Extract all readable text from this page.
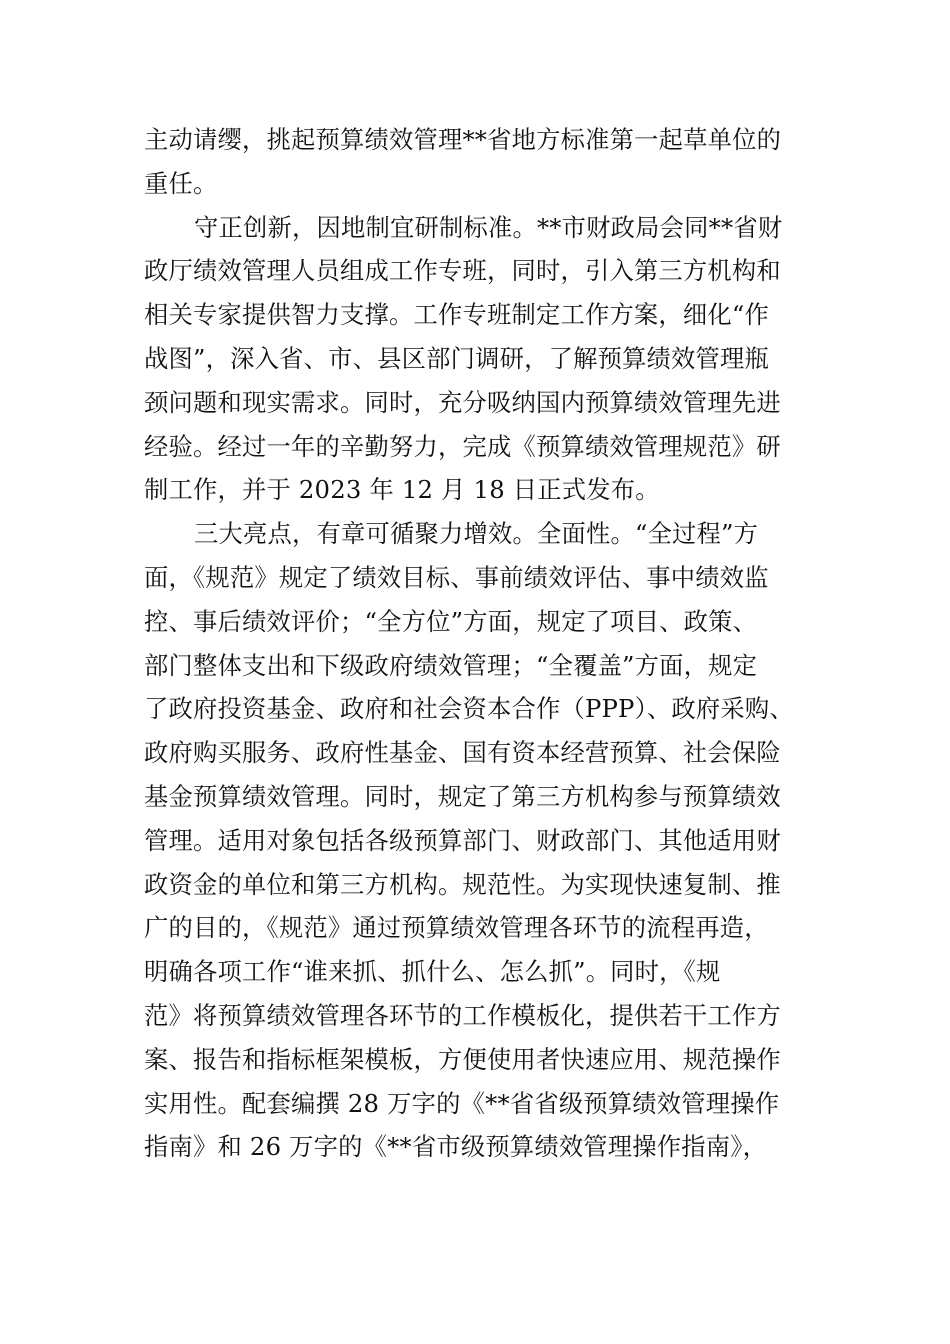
主动请缨，挑起预算绩效管理**省地方标准第一起草单位的
重任。
守正创新，因地制宜研制标准。**市财政局会同**省财
政厅绩效管理人员组成工作专班，同时，引入第三方机构和
相关专家提供智力支撑。工作专班制定工作方案，细化“作
战图”，深入省、市、县区部门调研，了解预算绩效管理瓶
颈问题和现实需求。同时，充分吸纳国内预算绩效管理先进
经验。经过一年的辛勤努力，完成《预算绩效管理规范》研
制工作，并于 2023 年 12 月 18 日正式发布。
三大亮点，有章可循聚力增效。全面性。“全过程”方
面，《规范》规定了绩效目标、事前绩效评估、事中绩效监
控、事后绩效评价；“全方位”方面，规定了项目、政策、
部门整体支出和下级政府绩效管理；“全覆盖”方面，规定
了政府投资基金、政府和社会资本合作（PPP）、政府采购、
政府购买服务、政府性基金、国有资本经营预算、社会保险
基金预算绩效管理。同时，规定了第三方机构参与预算绩效
管理。适用对象包括各级预算部门、财政部门、其他适用财
政资金的单位和第三方机构。规范性。为实现快速复制、推
广的目的，《规范》通过预算绩效管理各环节的流程再造，
明确各项工作“谁来抓、抓什么、怎么抓”。同时，《规
范》将预算绩效管理各环节的工作模板化，提供若干工作方
案、报告和指标框架模板，方便使用者快速应用、规范操作
实用性。配套编撰 28 万字的《**省省级预算绩效管理操作
指南》和 26 万字的《**省市级预算绩效管理操作指南》，
